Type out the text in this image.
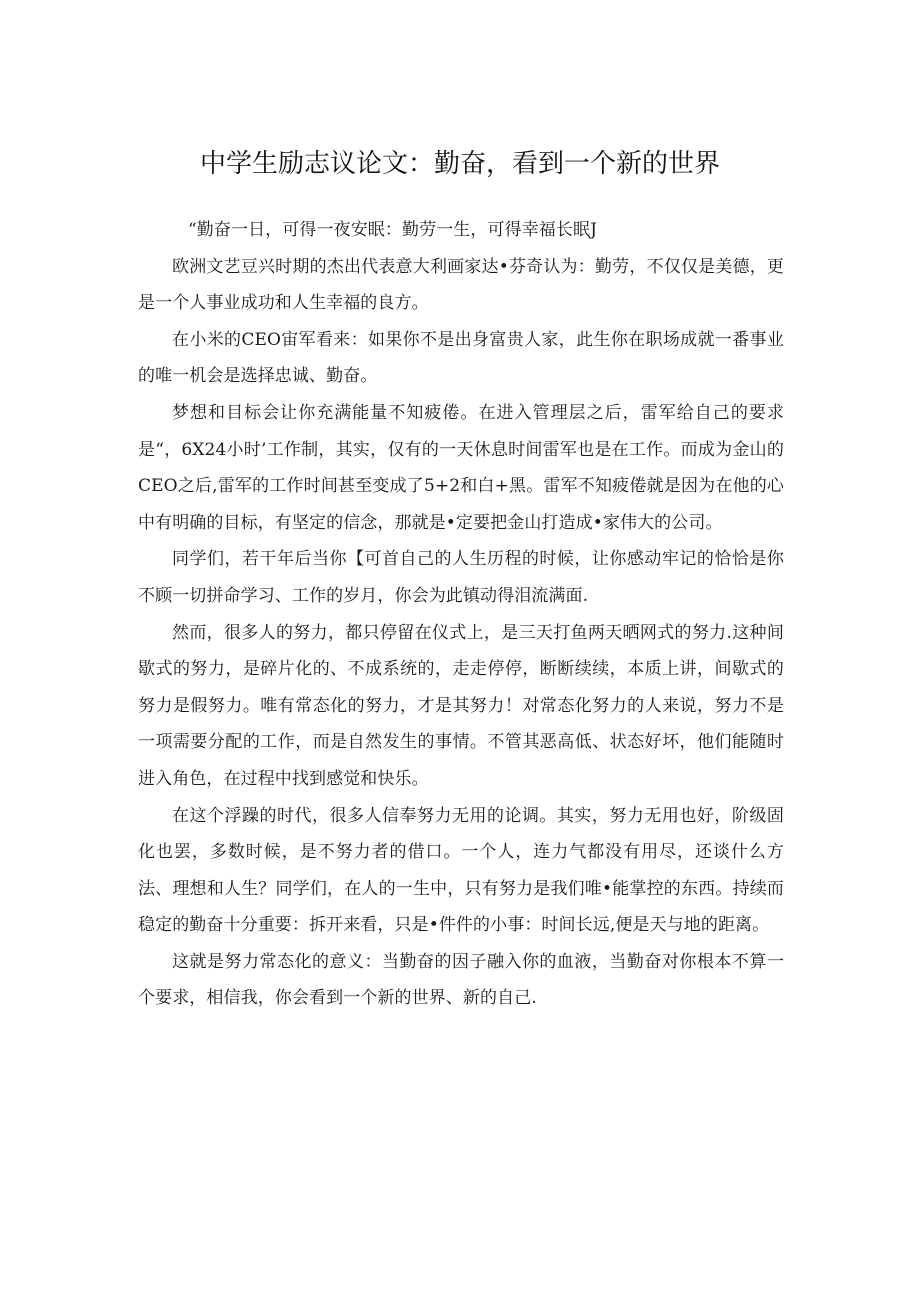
中学生励志议论文：勤奋，看到一个新的世界

“勤奋一日，可得一夜安眠：勤劳一生，可得幸福长眠J

欧洲文艺豆兴时期的杰出代表意大利画家达•芬奇认为：勤劳，不仅仅是美德，更是一个人事业成功和人生幸福的良方。

在小米的CEO宙军看来：如果你不是出身富贵人家，此生你在职场成就一番事业的唯一机会是选择忠诚、勤奋。

梦想和目标会让你充满能量不知疲倦。在进入管理层之后，雷军给自己的要求是“，6X24小时’工作制，其实，仅有的一天休息时间雷军也是在工作。而成为金山的CEO之后,雷军的工作时间甚至变成了5+2和白+黑。雷军不知疲倦就是因为在他的心中有明确的目标，有坚定的信念，那就是•定要把金山打造成•家伟大的公司。

同学们，若干年后当你【可首自己的人生历程的时候，让你感动牢记的恰恰是你不顾一切拼命学习、工作的岁月，你会为此镇动得泪流满面.

然而，很多人的努力，都只停留在仪式上，是三天打鱼两天晒网式的努力.这种间歇式的努力，是碎片化的、不成系统的，走走停停，断断续续，本质上讲，间歇式的努力是假努力。唯有常态化的努力，才是其努力！对常态化努力的人来说，努力不是一项需要分配的工作，而是自然发生的事情。不管其恶高低、状态好坏，他们能随时进入角色，在过程中找到感觉和快乐。

在这个浮躁的时代，很多人信奉努力无用的论调。其实，努力无用也好，阶级固化也罢，多数时候，是不努力者的借口。一个人，连力气都没有用尽，还谈什么方法、理想和人生？同学们，在人的一生中，只有努力是我们唯•能掌控的东西。持续而稳定的勤奋十分重要：拆开来看，只是•件件的小事：时间长远,便是天与地的距离。

这就是努力常态化的意义：当勤奋的因子融入你的血液，当勤奋对你根本不算一个要求，相信我，你会看到一个新的世界、新的自己.
